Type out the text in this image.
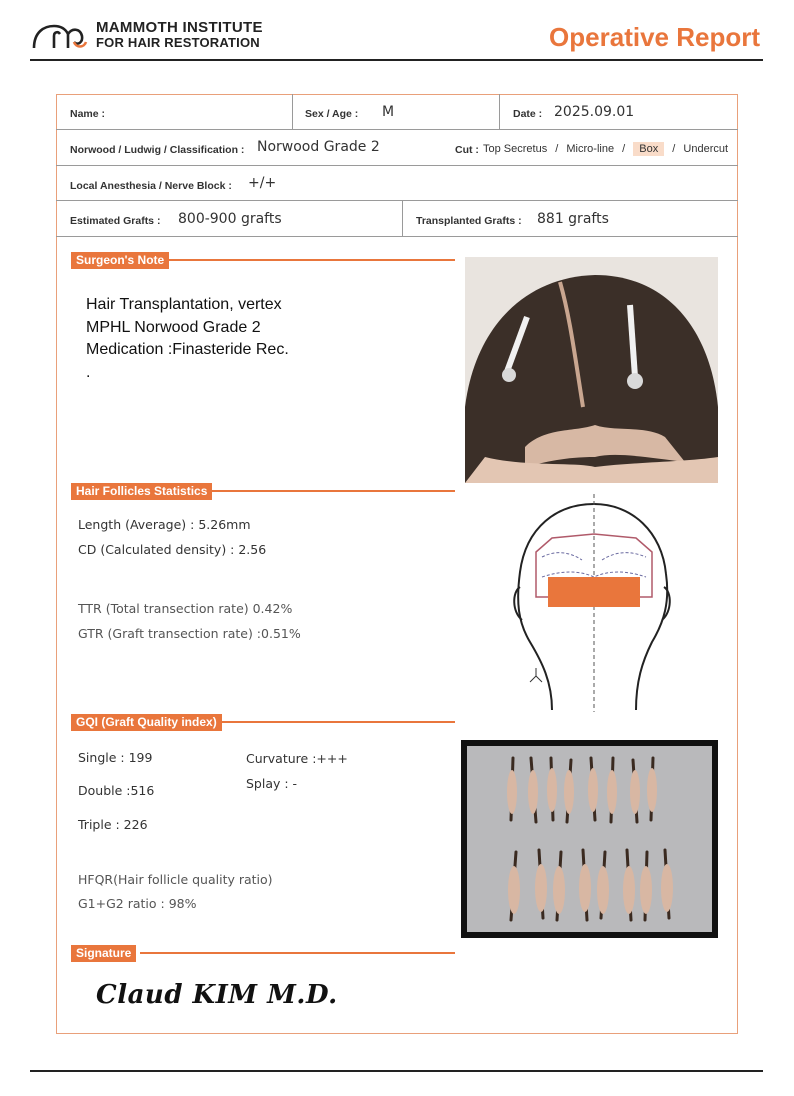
MAMMOTH INSTITUTE
FOR HAIR RESTORATION	Operative Report
Name :	Sex / Age : M	Date : 2025.09.01
Norwood / Ludwig / Classification : Norwood Grade 2	Cut : Top Secretus / Micro-line / Box / Undercut
Local Anesthesia / Nerve Block : +/+
Estimated Grafts : 800-900 grafts	Transplanted Grafts : 881 grafts
Surgeon's Note
Hair Transplantation, vertex
MPHL Norwood Grade 2
Medication :Finasteride Rec.
.
Hair Follicles Statistics
Length (Average) : 5.26mm
CD (Calculated density) : 2.56
TTR (Total transection rate) 0.42%
GTR (Graft transection rate) :0.51%
GQI (Graft Quality index)
Single : 199
Double :516
Triple : 226
Curvature :+++
Splay : -
HFQR(Hair follicle quality ratio)
G1+G2 ratio : 98%
Signature
Claud KIM M.D.
